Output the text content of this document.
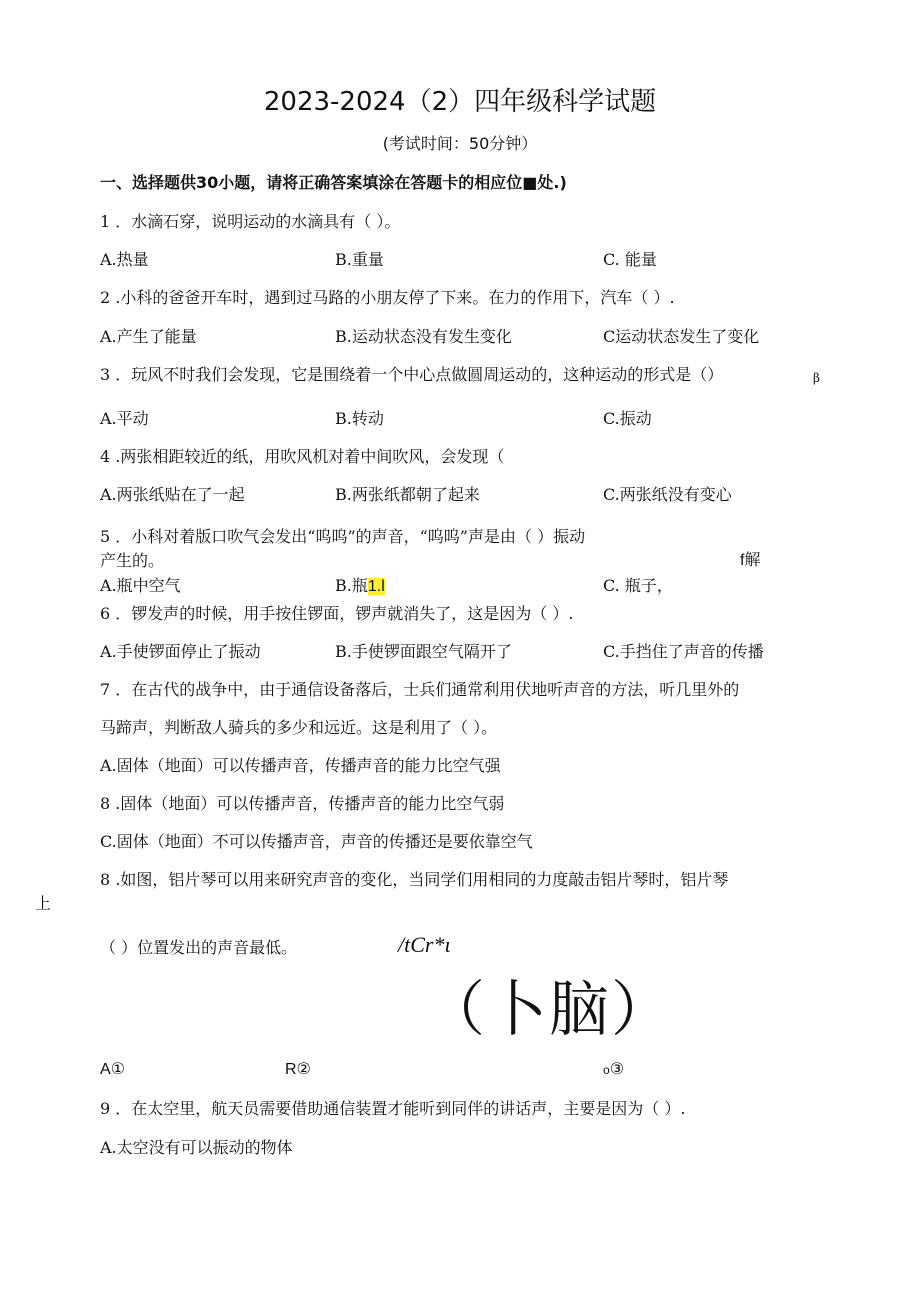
2023-2024（2）四年级科学试题
(考试时间：50分钟）
一、选择题供30小题，请将正确答案填涂在答题卡的相应位■处.)
1 ．水滴石穿，说明运动的水滴具有（ ）。
A.热量	B.重量	C. 能量
2 .小科的爸爸开车时，遇到过马路的小朋友停了下来。在力的作用下，汽车（ ）.
A.产生了能量	B.运动状态没有发生变化	C运动状态发生了变化
3 ．玩风不时我们会发现，它是围绕着一个中心点做圆周运动的，这种运动的形式是（）	β
A.平动	B.转动	C.振动
4 .两张相距较近的纸，用吹风机对着中间吹风，会发现（
A.两张纸贴在了一起	B.两张纸都朝了起来	C.两张纸没有变心
5 ．小科对着版口吹气会发出“呜呜”的声音，“呜呜”声是由（ ）振动
产生的。	f解
A.瓶中空气	B.瓶1.l	C. 瓶子，
6 ．锣发声的时候，用手按住锣面，锣声就消失了，这是因为（ ）.
A.手使锣面停止了振动	B.手使锣面跟空气隔开了	C.手挡住了声音的传播
7 ．在古代的战争中，由于通信设备落后，士兵们通常利用伏地听声音的方法，听几里外的
马蹄声，判断敌人骑兵的多少和远近。这是利用了（ ）。
A.固体（地面）可以传播声音，传播声音的能力比空气强
8 .固体（地面）可以传播声音，传播声音的能力比空气弱
C.固体（地面）不可以传播声音，声音的传播还是要依靠空气
8 .如图，铝片琴可以用来研究声音的变化，当同学们用相同的力度敲击铝片琴时，铝片琴
上
（ ）位置发出的声音最低。	/tCr*ι
（卜脑）
A①	R②	o③
9 ．在太空里，航天员需要借助通信装置才能听到同伴的讲话声，主要是因为（ ）.
A.太空没有可以振动的物体
